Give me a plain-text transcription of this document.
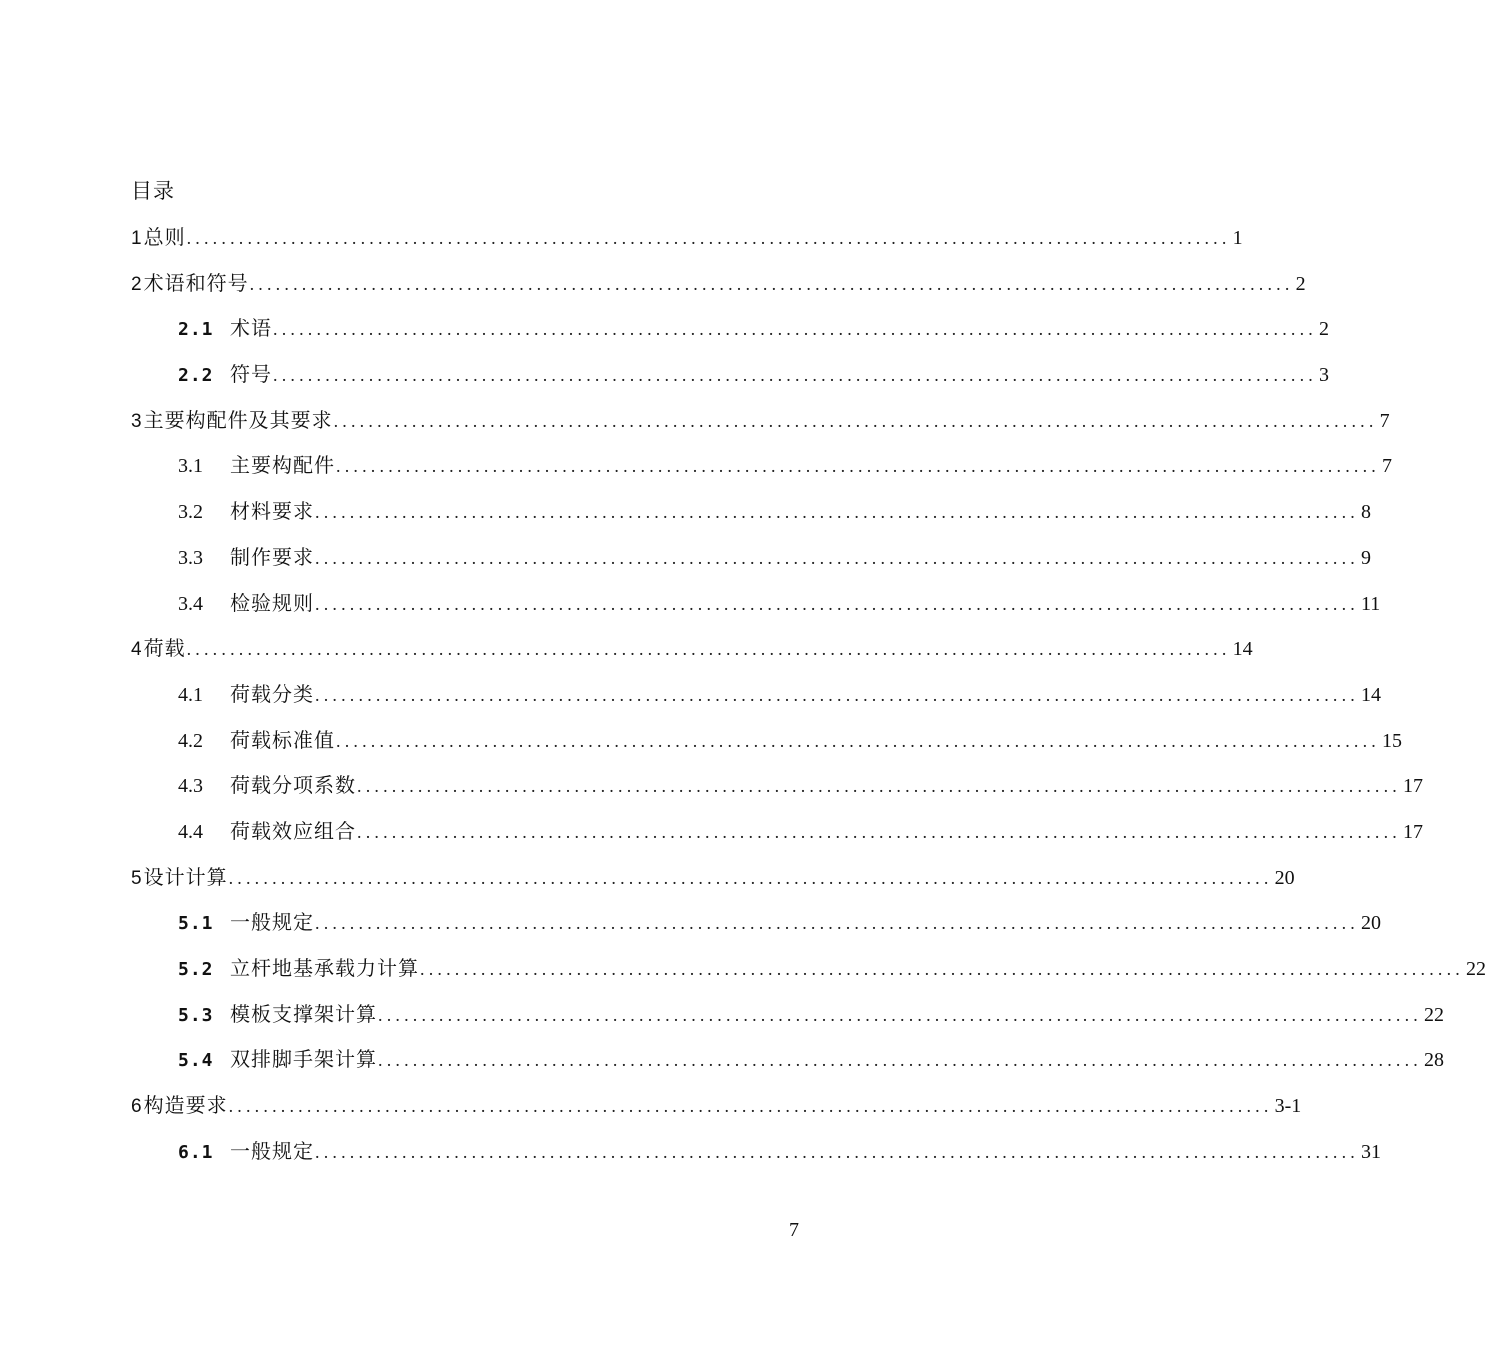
目录
1 总则 ........................................................................................................................ 1
2 术语和符号 ........................................................................................................................ 2
2.1 术语 ........................................................................................................................ 2
2.2 符号 ........................................................................................................................ 3
3 主要构配件及其要求 ........................................................................................................................ 7
3.1	主要构配件 ........................................................................................................................ 7
3.2	材料要求 ........................................................................................................................ 8
3.3	制作要求 ........................................................................................................................ 9
3.4	检验规则 ........................................................................................................................ 11
4 荷载 ........................................................................................................................ 14
4.1	荷载分类 ........................................................................................................................ 14
4.2	荷载标准值 ........................................................................................................................ 15
4.3	荷载分项系数 ........................................................................................................................ 17
4.4	荷载效应组合 ........................................................................................................................ 17
5 设计计算 ........................................................................................................................ 20
5.1 一般规定 ........................................................................................................................ 20
5.2 立杆地基承载力计算 ........................................................................................................................ 22
5.3 模板支撑架计算 ........................................................................................................................ 22
5.4 双排脚手架计算 ........................................................................................................................ 28
6 构造要求 ........................................................................................................................ 3-1
6.1 一般规定 ........................................................................................................................ 31
7
